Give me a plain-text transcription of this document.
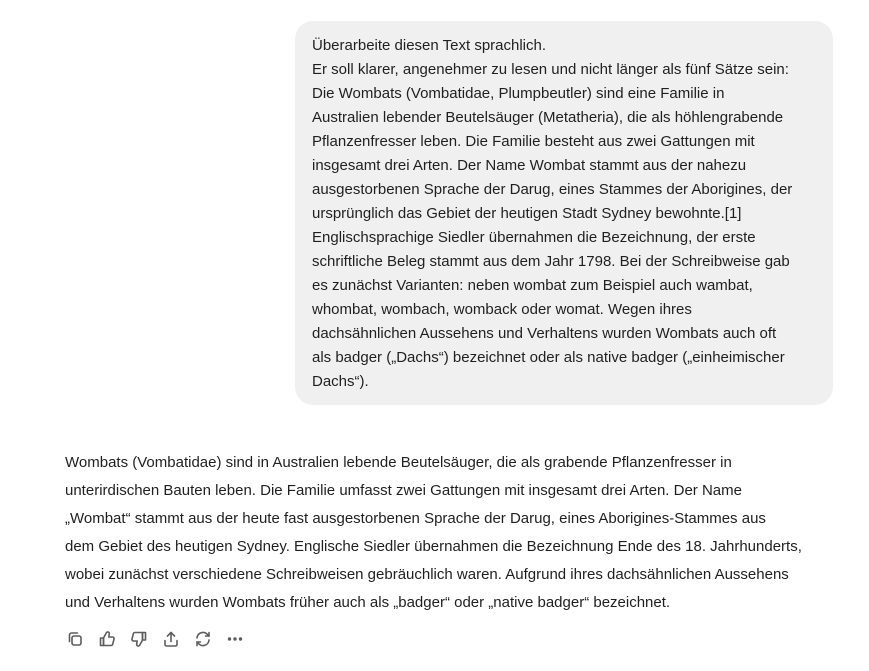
Überarbeite diesen Text sprachlich.
Er soll klarer, angenehmer zu lesen und nicht länger als fünf Sätze sein:
Die Wombats (Vombatidae, Plumpbeutler) sind eine Familie in
Australien lebender Beutelsäuger (Metatheria), die als höhlengrabende
Pflanzenfresser leben. Die Familie besteht aus zwei Gattungen mit
insgesamt drei Arten. Der Name Wombat stammt aus der nahezu
ausgestorbenen Sprache der Darug, eines Stammes der Aborigines, der
ursprünglich das Gebiet der heutigen Stadt Sydney bewohnte.[1]
Englischsprachige Siedler übernahmen die Bezeichnung, der erste
schriftliche Beleg stammt aus dem Jahr 1798. Bei der Schreibweise gab
es zunächst Varianten: neben wombat zum Beispiel auch wambat,
whombat, wombach, womback oder womat. Wegen ihres
dachsähnlichen Aussehens und Verhaltens wurden Wombats auch oft
als badger („Dachs“) bezeichnet oder als native badger („einheimischer
Dachs“).
Wombats (Vombatidae) sind in Australien lebende Beutelsäuger, die als grabende Pflanzenfresser in
unterirdischen Bauten leben. Die Familie umfasst zwei Gattungen mit insgesamt drei Arten. Der Name
„Wombat“ stammt aus der heute fast ausgestorbenen Sprache der Darug, eines Aborigines-Stammes aus
dem Gebiet des heutigen Sydney. Englische Siedler übernahmen die Bezeichnung Ende des 18. Jahrhunderts,
wobei zunächst verschiedene Schreibweisen gebräuchlich waren. Aufgrund ihres dachsähnlichen Aussehens
und Verhaltens wurden Wombats früher auch als „badger“ oder „native badger“ bezeichnet.
